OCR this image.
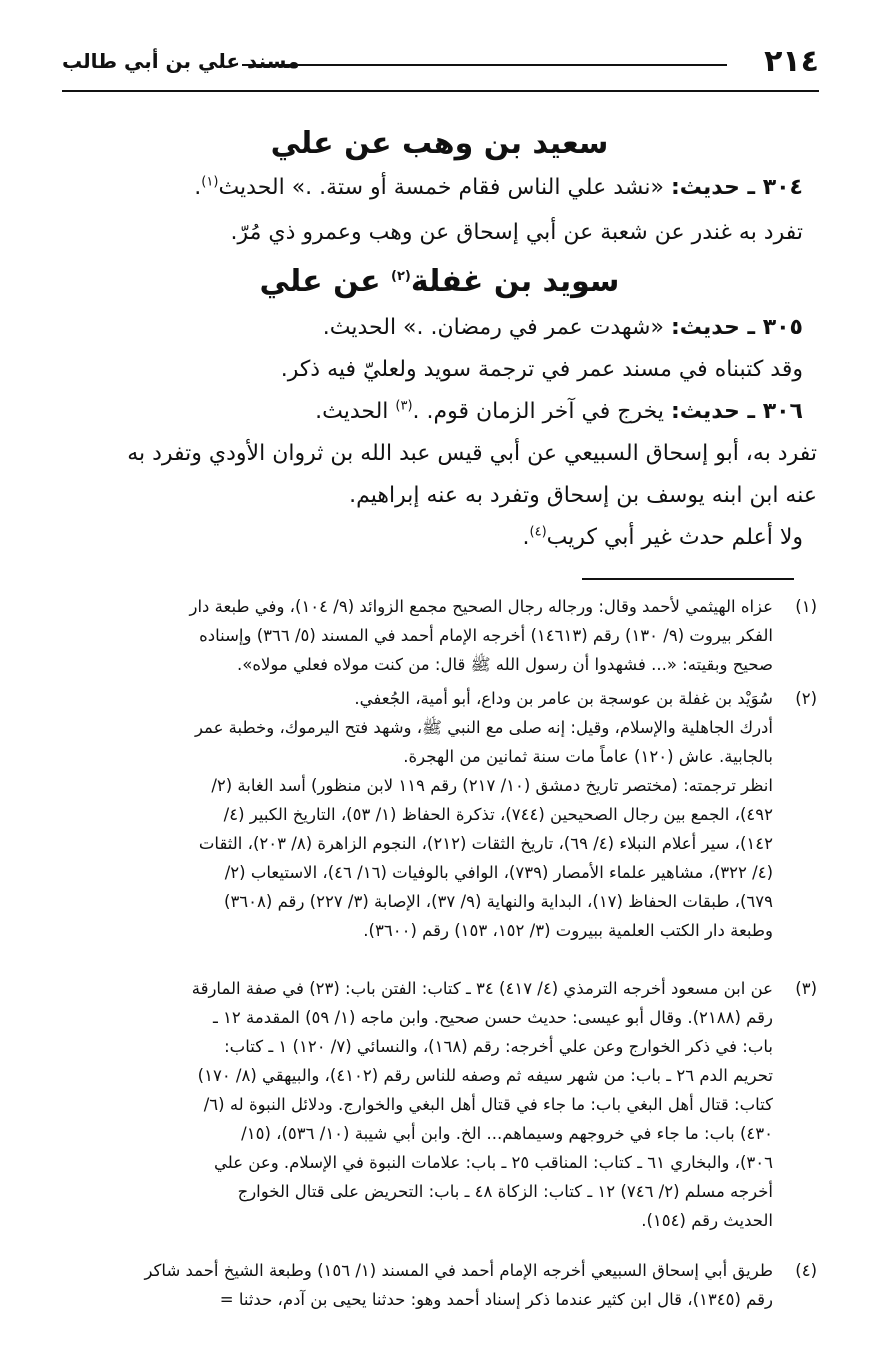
٢١٤
مسند علي بن أبي طالب
سعيد بن وهب عن علي
٣٠٤ ـ حديث: «نشد علي الناس فقام خمسة أو ستة. .» الحديث$^{(١)}$.
تفرد به غندر عن شعبة عن أبي إسحاق عن وهب وعمرو ذي مُرّ.
سويد بن غفلة$^{(٢)}$ عن علي
٣٠٥ ـ حديث: «شهدت عمر في رمضان. .» الحديث.
وقد كتبناه في مسند عمر في ترجمة سويد ولعليّ فيه ذكر.
٣٠٦ ـ حديث: يخرج في آخر الزمان قوم. .$^{(٣)}$ الحديث.
تفرد به، أبو إسحاق السبيعي عن أبي قيس عبد الله بن ثروان الأودي وتفرد به
عنه ابن ابنه يوسف بن إسحاق وتفرد به عنه إبراهيم.
ولا أعلم حدث غير أبي كريب$^{(٤)}$.
(١)
عزاه الهيثمي لأحمد وقال: ورجاله رجال الصحيح مجمع الزوائد (٩/ ١٠٤)، وفي طبعة دار
الفكر بيروت (٩/ ١٣٠) رقم (١٤٦١٣) أخرجه الإمام أحمد في المسند (٥/ ٣٦٦) وإسناده
صحيح وبقيته: «... فشهدوا أن رسول الله ﷺ قال: من كنت مولاه فعلي مولاه».
(٢)
سُوَيْد بن غفلة بن عوسجة بن عامر بن وداع، أبو أمية، الجُعفي.
أدرك الجاهلية والإسلام، وقيل: إنه صلى مع النبي ﷺ، وشهد فتح اليرموك، وخطبة عمر
بالجابية. عاش (١٢٠) عاماً مات سنة ثمانين من الهجرة.
انظر ترجمته: (مختصر تاريخ دمشق (١٠/ ٢١٧) رقم ١١٩ لابن منظور) أسد الغابة (٢/
٤٩٢)، الجمع بين رجال الصحيحين (٧٤٤)، تذكرة الحفاظ (١/ ٥٣)، التاريخ الكبير (٤/
١٤٢)، سير أعلام النبلاء (٤/ ٦٩)، تاريخ الثقات (٢١٢)، النجوم الزاهرة (٨/ ٢٠٣)، الثقات
(٤/ ٣٢٢)، مشاهير علماء الأمصار (٧٣٩)، الوافي بالوفيات (١٦/ ٤٦)، الاستيعاب (٢/
٦٧٩)، طبقات الحفاظ (١٧)، البداية والنهاية (٩/ ٣٧)، الإصابة (٣/ ٢٢٧) رقم (٣٦٠٨)
وطبعة دار الكتب العلمية ببيروت (٣/ ١٥٢، ١٥٣) رقم (٣٦٠٠).
(٣)
عن ابن مسعود أخرجه الترمذي (٤/ ٤١٧) ٣٤ ـ كتاب: الفتن باب: (٢٣) في صفة المارقة
رقم (٢١٨٨). وقال أبو عيسى: حديث حسن صحيح. وابن ماجه (١/ ٥٩) المقدمة ١٢ ـ
باب: في ذكر الخوارج وعن علي أخرجه: رقم (١٦٨)، والنسائي (٧/ ١٢٠) ١ ـ كتاب:
تحريم الدم ٢٦ ـ باب: من شهر سيفه ثم وصفه للناس رقم (٤١٠٢)، والبيهقي (٨/ ١٧٠)
كتاب: قتال أهل البغي باب: ما جاء في قتال أهل البغي والخوارج. ودلائل النبوة له (٦/
٤٣٠) باب: ما جاء في خروجهم وسيماهم... الخ. وابن أبي شيبة (١٠/ ٥٣٦)، (١٥/
٣٠٦)، والبخاري ٦١ ـ كتاب: المناقب ٢٥ ـ باب: علامات النبوة في الإسلام. وعن علي
أخرجه مسلم (٢/ ٧٤٦) ١٢ ـ كتاب: الزكاة ٤٨ ـ باب: التحريض على قتال الخوارج
الحديث رقم (١٥٤).
(٤)
طريق أبي إسحاق السبيعي أخرجه الإمام أحمد في المسند (١/ ١٥٦) وطبعة الشيخ أحمد شاكر
رقم (١٣٤٥)، قال ابن كثير عندما ذكر إسناد أحمد وهو: حدثنا يحيى بن آدم، حدثنا =
